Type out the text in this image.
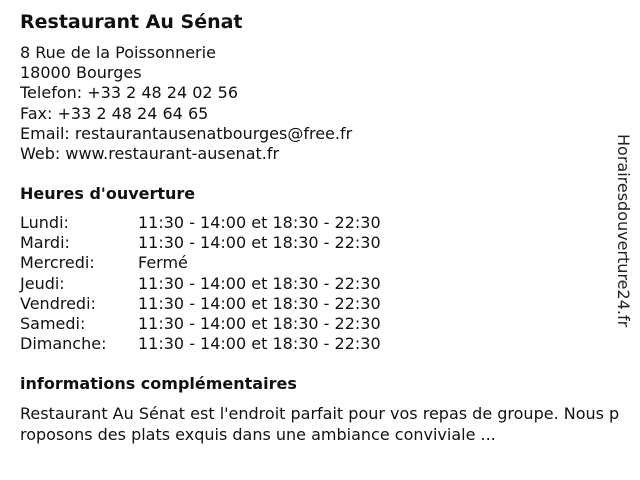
Restaurant Au Sénat
8 Rue de la Poissonnerie
18000 Bourges
Telefon: +33 2 48 24 02 56
Fax: +33 2 48 24 64 65
Email: restaurantausenatbourges@free.fr
Web: www.restaurant-ausenat.fr
Heures d'ouverture
Lundi:	11:30 - 14:00 et 18:30 - 22:30
Mardi:	11:30 - 14:00 et 18:30 - 22:30
Mercredi:	Fermé
Jeudi:	11:30 - 14:00 et 18:30 - 22:30
Vendredi:	11:30 - 14:00 et 18:30 - 22:30
Samedi:	11:30 - 14:00 et 18:30 - 22:30
Dimanche:	11:30 - 14:00 et 18:30 - 22:30
informations complémentaires
Restaurant Au Sénat est l'endroit parfait pour vos repas de groupe. Nous proposons des plats exquis dans une ambiance conviviale ...
Horairesdouverture24.fr
